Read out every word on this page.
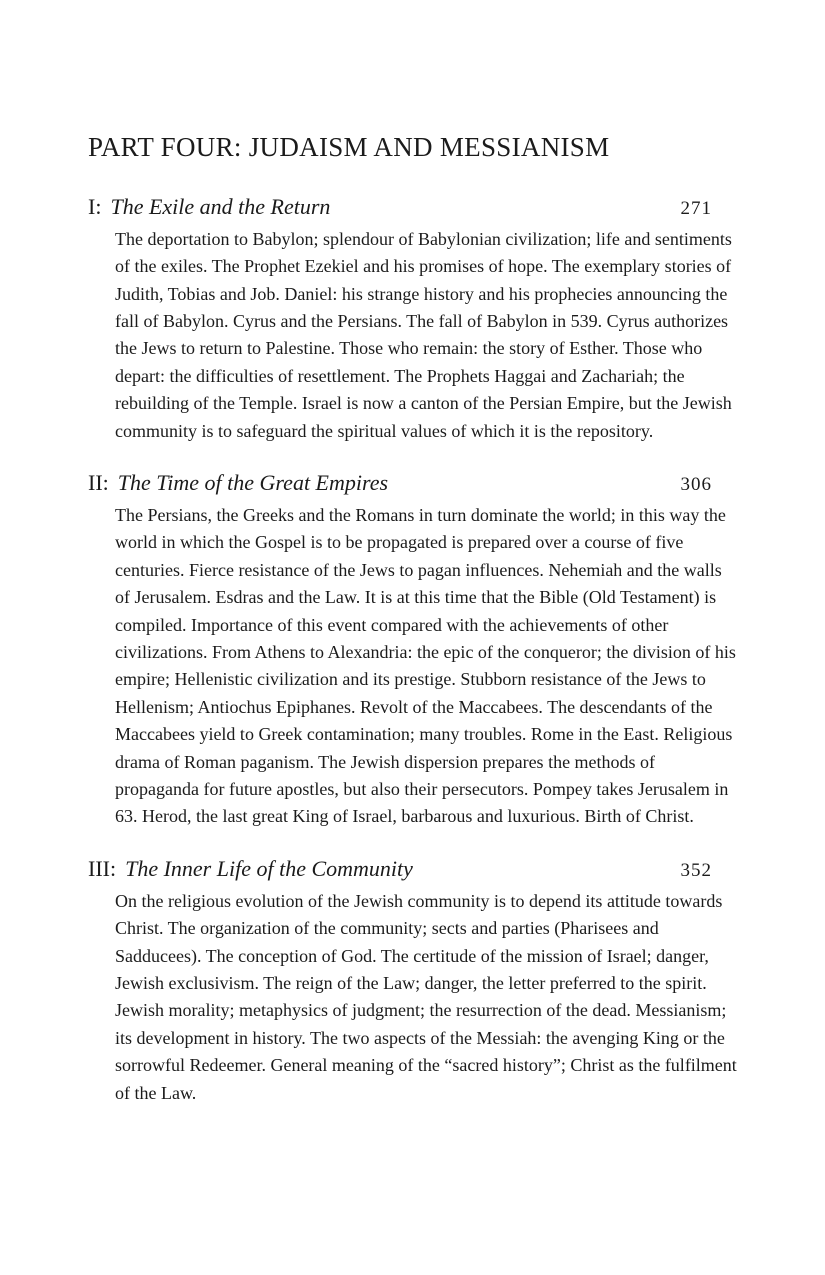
PART FOUR: JUDAISM AND MESSIANISM
I: The Exile and the Return	271

The deportation to Babylon; splendour of Babylonian civilization; life and sentiments of the exiles. The Prophet Ezekiel and his promises of hope. The exemplary stories of Judith, Tobias and Job. Daniel: his strange history and his prophecies announcing the fall of Babylon. Cyrus and the Persians. The fall of Babylon in 539. Cyrus authorizes the Jews to return to Palestine. Those who remain: the story of Esther. Those who depart: the difficulties of resettlement. The Prophets Haggai and Zachariah; the rebuilding of the Temple. Israel is now a canton of the Persian Empire, but the Jewish community is to safeguard the spiritual values of which it is the repository.

II: The Time of the Great Empires	306

The Persians, the Greeks and the Romans in turn dominate the world; in this way the world in which the Gospel is to be propagated is prepared over a course of five centuries. Fierce resistance of the Jews to pagan influences. Nehemiah and the walls of Jerusalem. Esdras and the Law. It is at this time that the Bible (Old Testament) is compiled. Importance of this event compared with the achievements of other civilizations. From Athens to Alexandria: the epic of the conqueror; the division of his empire; Hellenistic civilization and its prestige. Stubborn resistance of the Jews to Hellenism; Antiochus Epiphanes. Revolt of the Maccabees. The descendants of the Maccabees yield to Greek contamination; many troubles. Rome in the East. Religious drama of Roman paganism. The Jewish dispersion prepares the methods of propaganda for future apostles, but also their persecutors. Pompey takes Jerusalem in 63. Herod, the last great King of Israel, barbarous and luxurious. Birth of Christ.

III: The Inner Life of the Community	352

On the religious evolution of the Jewish community is to depend its attitude towards Christ. The organization of the community; sects and parties (Pharisees and Sadducees). The conception of God. The certitude of the mission of Israel; danger, Jewish exclusivism. The reign of the Law; danger, the letter preferred to the spirit. Jewish morality; metaphysics of judgment; the resurrection of the dead. Messianism; its development in history. The two aspects of the Messiah: the avenging King or the sorrowful Redeemer. General meaning of the “sacred history”; Christ as the fulfilment of the Law.
